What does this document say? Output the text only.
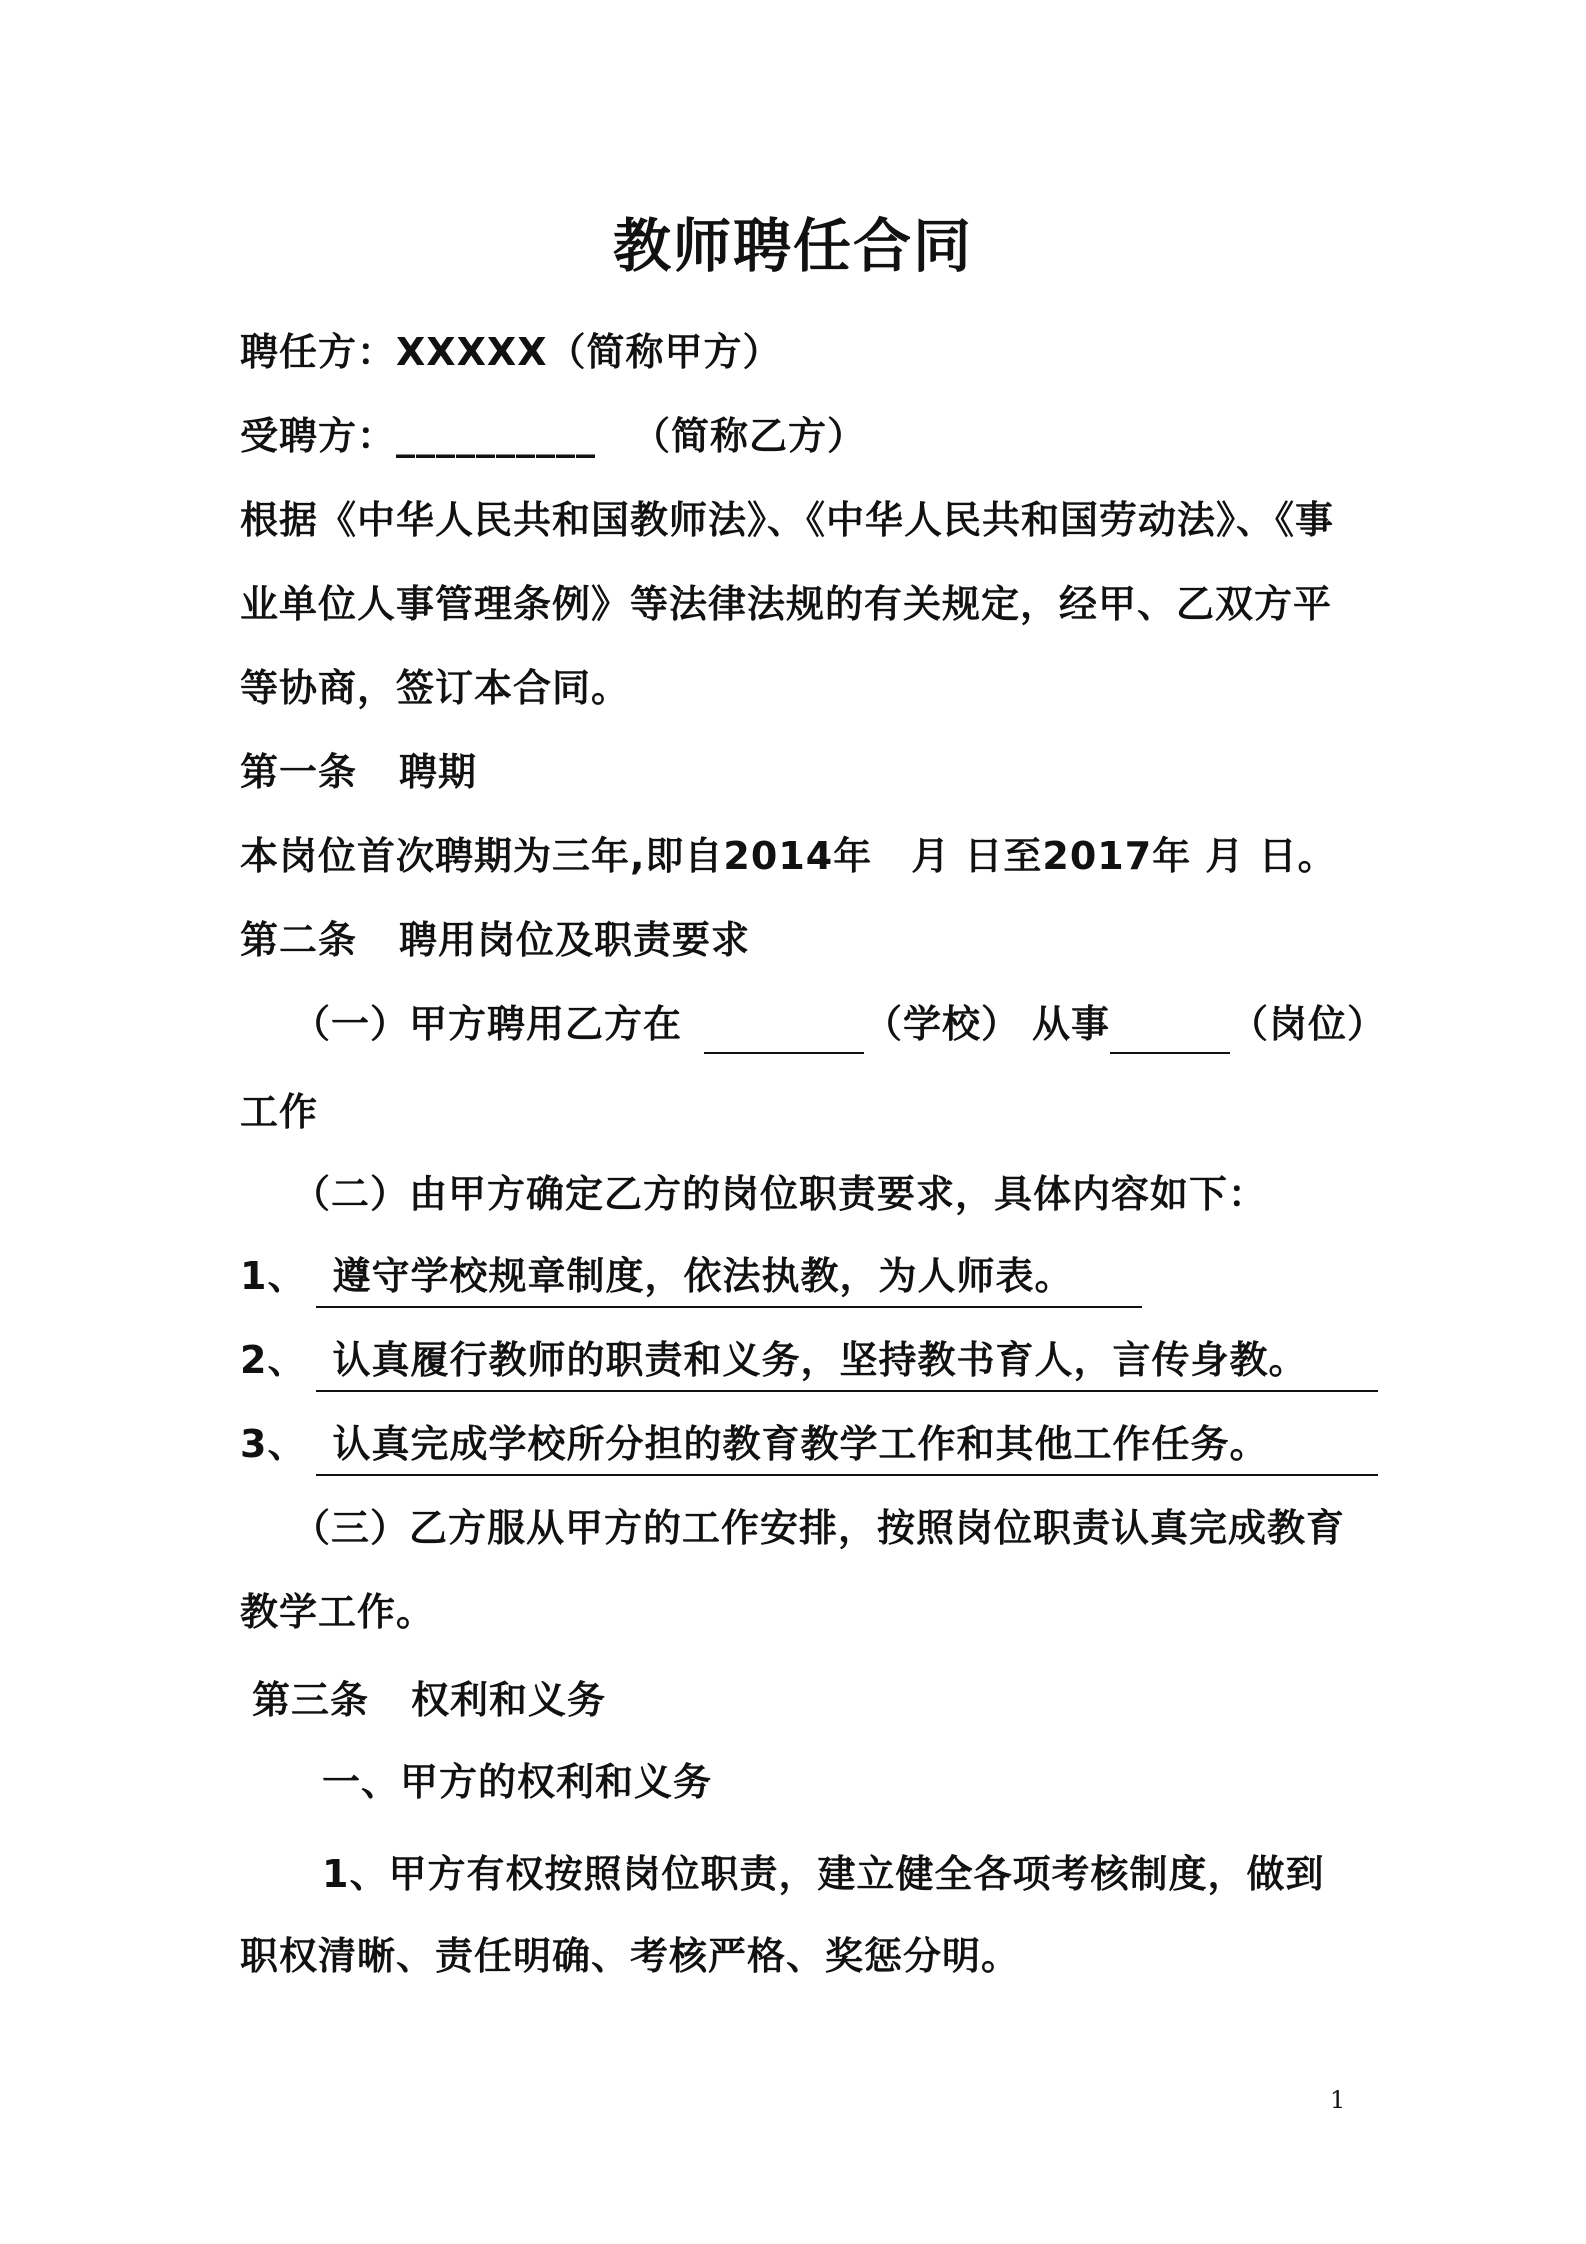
教师聘任合同
聘任方：XXXXX（简称甲方）
受聘方：__________ （简称乙方）
根据《中华人民共和国教师法》、《中华人民共和国劳动法》、《事
业单位人事管理条例》等法律法规的有关规定，经甲、乙双方平
等协商，签订本合同。
第一条 聘期
本岗位首次聘期为三年,即自2014年　月 日至2017年 月 日。
第二条 聘用岗位及职责要求
（一）甲方聘用乙方在	（学校） 从事	（岗位）
工作
（二）由甲方确定乙方的岗位职责要求，具体内容如下：
1、 遵守学校规章制度，依法执教，为人师表。
2、 认真履行教师的职责和义务，坚持教书育人，言传身教。
3、 认真完成学校所分担的教育教学工作和其他工作任务。
（三）乙方服从甲方的工作安排，按照岗位职责认真完成教育
教学工作。
第三条 权利和义务
一、甲方的权利和义务
1、甲方有权按照岗位职责，建立健全各项考核制度，做到
职权清晰、责任明确、考核严格、奖惩分明。
1
